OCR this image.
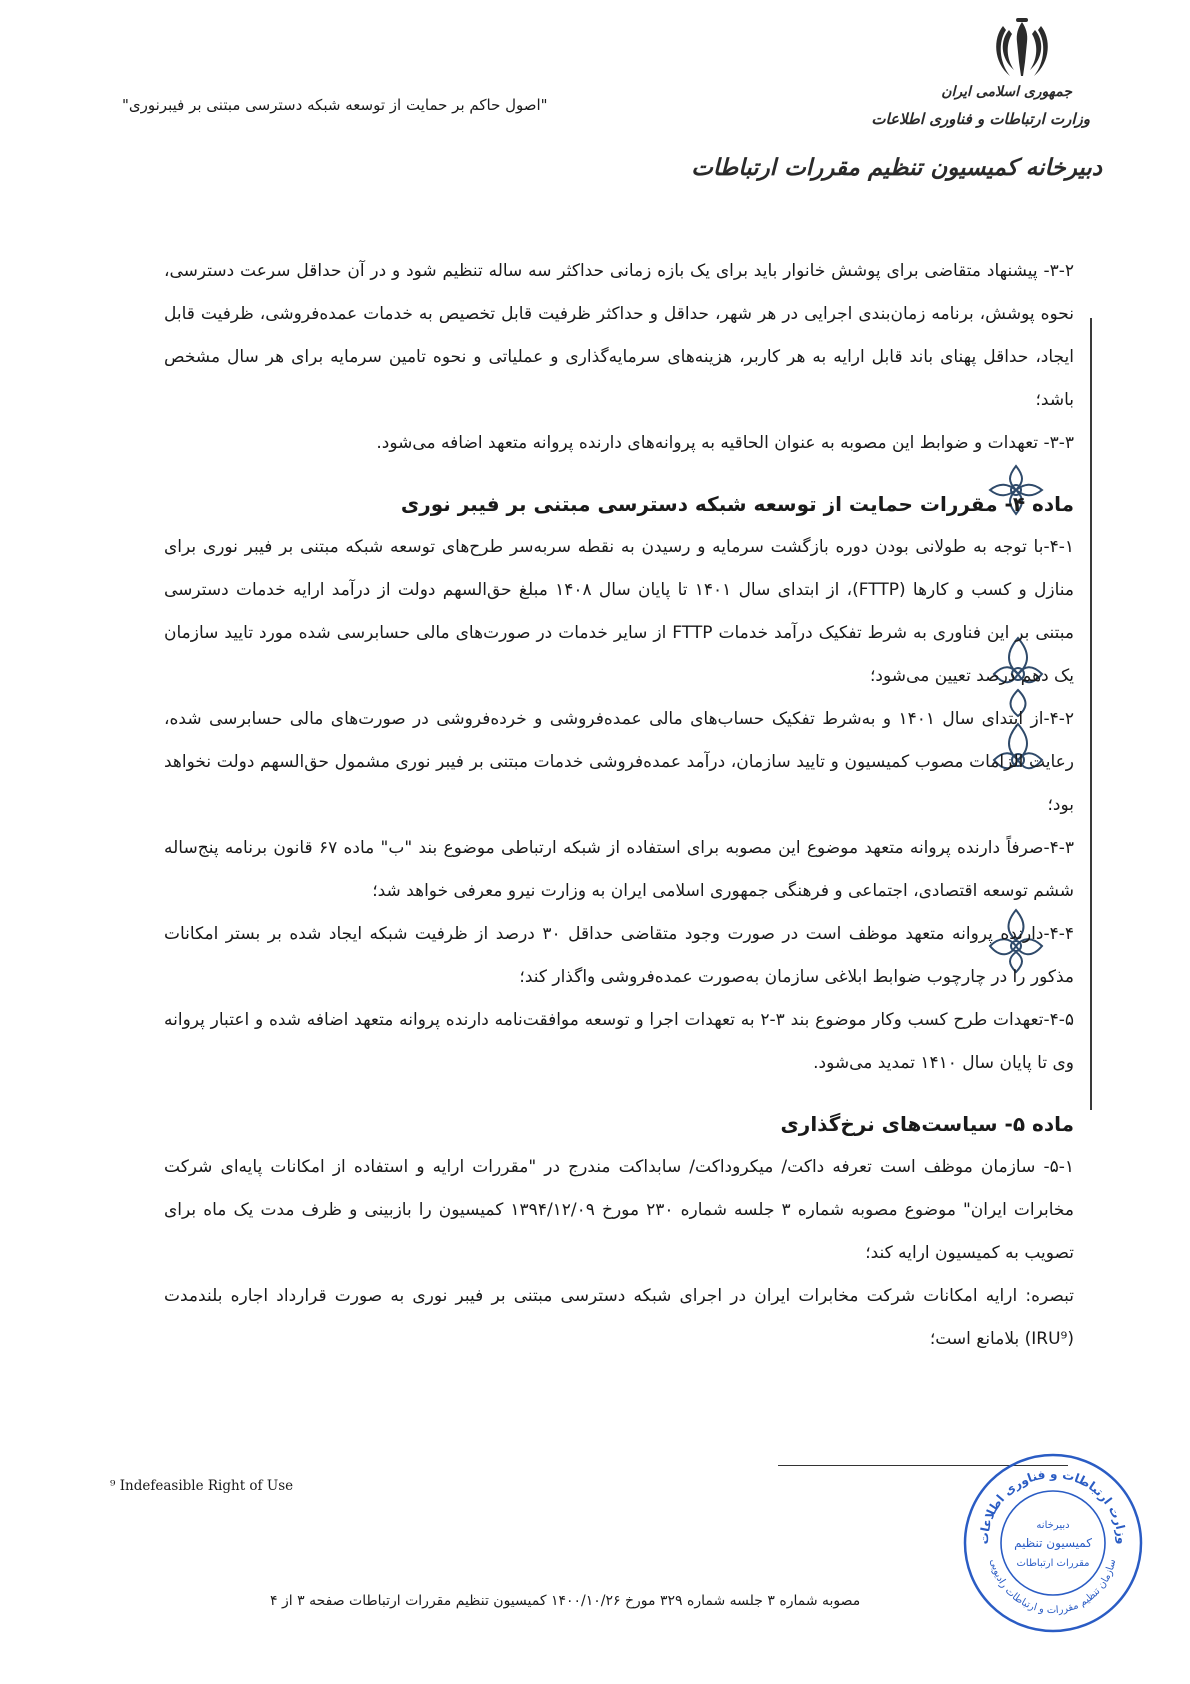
جمهوری اسلامی ایران
وزارت ارتباطات و فناوری اطلاعات
دبیرخانه کمیسیون تنظیم مقررات ارتباطات
"اصول حاکم بر حمایت از توسعه شبکه دسترسی مبتنی بر فیبرنوری"

۳-۲- پیشنهاد متقاضی برای پوشش خانوار باید برای یک بازه زمانی حداکثر سه ساله تنظیم شود و در آن حداقل سرعت دسترسی، نحوه پوشش، برنامه زمان‌بندی اجرایی در هر شهر، حداقل و حداکثر ظرفیت قابل تخصیص به خدمات عمده‌فروشی، ظرفیت قابل ایجاد، حداقل پهنای باند قابل ارایه به هر کاربر، هزینه‌های سرمایه‌گذاری و عملیاتی و نحوه تامین سرمایه برای هر سال مشخص باشد؛

۳-۳- تعهدات و ضوابط این مصوبه به عنوان الحاقیه به پروانه‌های دارنده پروانه متعهد اضافه می‌شود.

ماده ۴- مقررات حمایت از توسعه شبکه دسترسی مبتنی بر فیبر نوری

۴-۱-با توجه به طولانی بودن دوره بازگشت سرمایه و رسیدن به نقطه سربه‌سر طرح‌های توسعه شبکه مبتنی بر فیبر نوری برای منازل و کسب و کارها (FTTP)، از ابتدای سال ۱۴۰۱ تا پایان سال ۱۴۰۸ مبلغ حق‌السهم دولت از درآمد ارایه خدمات دسترسی مبتنی بر این فناوری به شرط تفکیک درآمد خدمات FTTP از سایر خدمات در صورت‌های مالی حسابرسی شده مورد تایید سازمان یک دهم درصد تعیین می‌شود؛

۴-۲-از ابتدای سال ۱۴۰۱ و به‌شرط تفکیک حساب‌های مالی عمده‌فروشی و خرده‌فروشی در صورت‌های مالی حسابرسی شده، رعایت الزامات مصوب کمیسیون و تایید سازمان، درآمد عمده‌فروشی خدمات مبتنی بر فیبر نوری مشمول حق‌السهم دولت نخواهد بود؛

۴-۳-صرفاً دارنده پروانه متعهد موضوع این مصوبه برای استفاده از شبکه ارتباطی موضوع بند "ب" ماده ۶۷ قانون برنامه پنج‌ساله ششم توسعه اقتصادی، اجتماعی و فرهنگی جمهوری اسلامی ایران به وزارت نیرو معرفی خواهد شد؛

۴-۴-دارنده پروانه متعهد موظف است در صورت وجود متقاضی حداقل ۳۰ درصد از ظرفیت شبکه ایجاد شده بر بستر امکانات مذکور را در چارچوب ضوابط ابلاغی سازمان به‌صورت عمده‌فروشی واگذار کند؛

۴-۵-تعهدات طرح کسب وکار موضوع بند ۳-۲ به تعهدات اجرا و توسعه موافقت‌نامه دارنده پروانه متعهد اضافه شده و اعتبار پروانه وی تا پایان سال ۱۴۱۰ تمدید می‌شود.

ماده ۵- سیاست‌های نرخ‌گذاری

۵-۱- سازمان موظف است تعرفه داکت/ میکروداکت/ سابداکت مندرج در "مقررات ارایه و استفاده از امکانات پایه‌ای شرکت مخابرات ایران" موضوع مصوبه شماره ۳ جلسه شماره ۲۳۰ مورخ ۱۳۹۴/۱۲/۰۹ کمیسیون را بازبینی و ظرف مدت یک ماه برای تصویب به کمیسیون ارایه کند؛

تبصره: ارایه امکانات شرکت مخابرات ایران در اجرای شبکه دسترسی مبتنی بر فیبر نوری به صورت قرارداد اجاره بلندمدت (IRU⁹) بلامانع است؛

⁹ Indefeasible Right of Use
وزارت ارتباطات و فناوری اطلاعات
سازمان تنظیم مقررات و ارتباطات رادیویی
دبیرخانه
کمیسیون تنظیم
مقررات ارتباطات
مصوبه شماره ۳ جلسه شماره ۳۲۹ مورخ ۱۴۰۰/۱۰/۲۶ کمیسیون تنظیم مقررات ارتباطات صفحه ۳ از ۴
